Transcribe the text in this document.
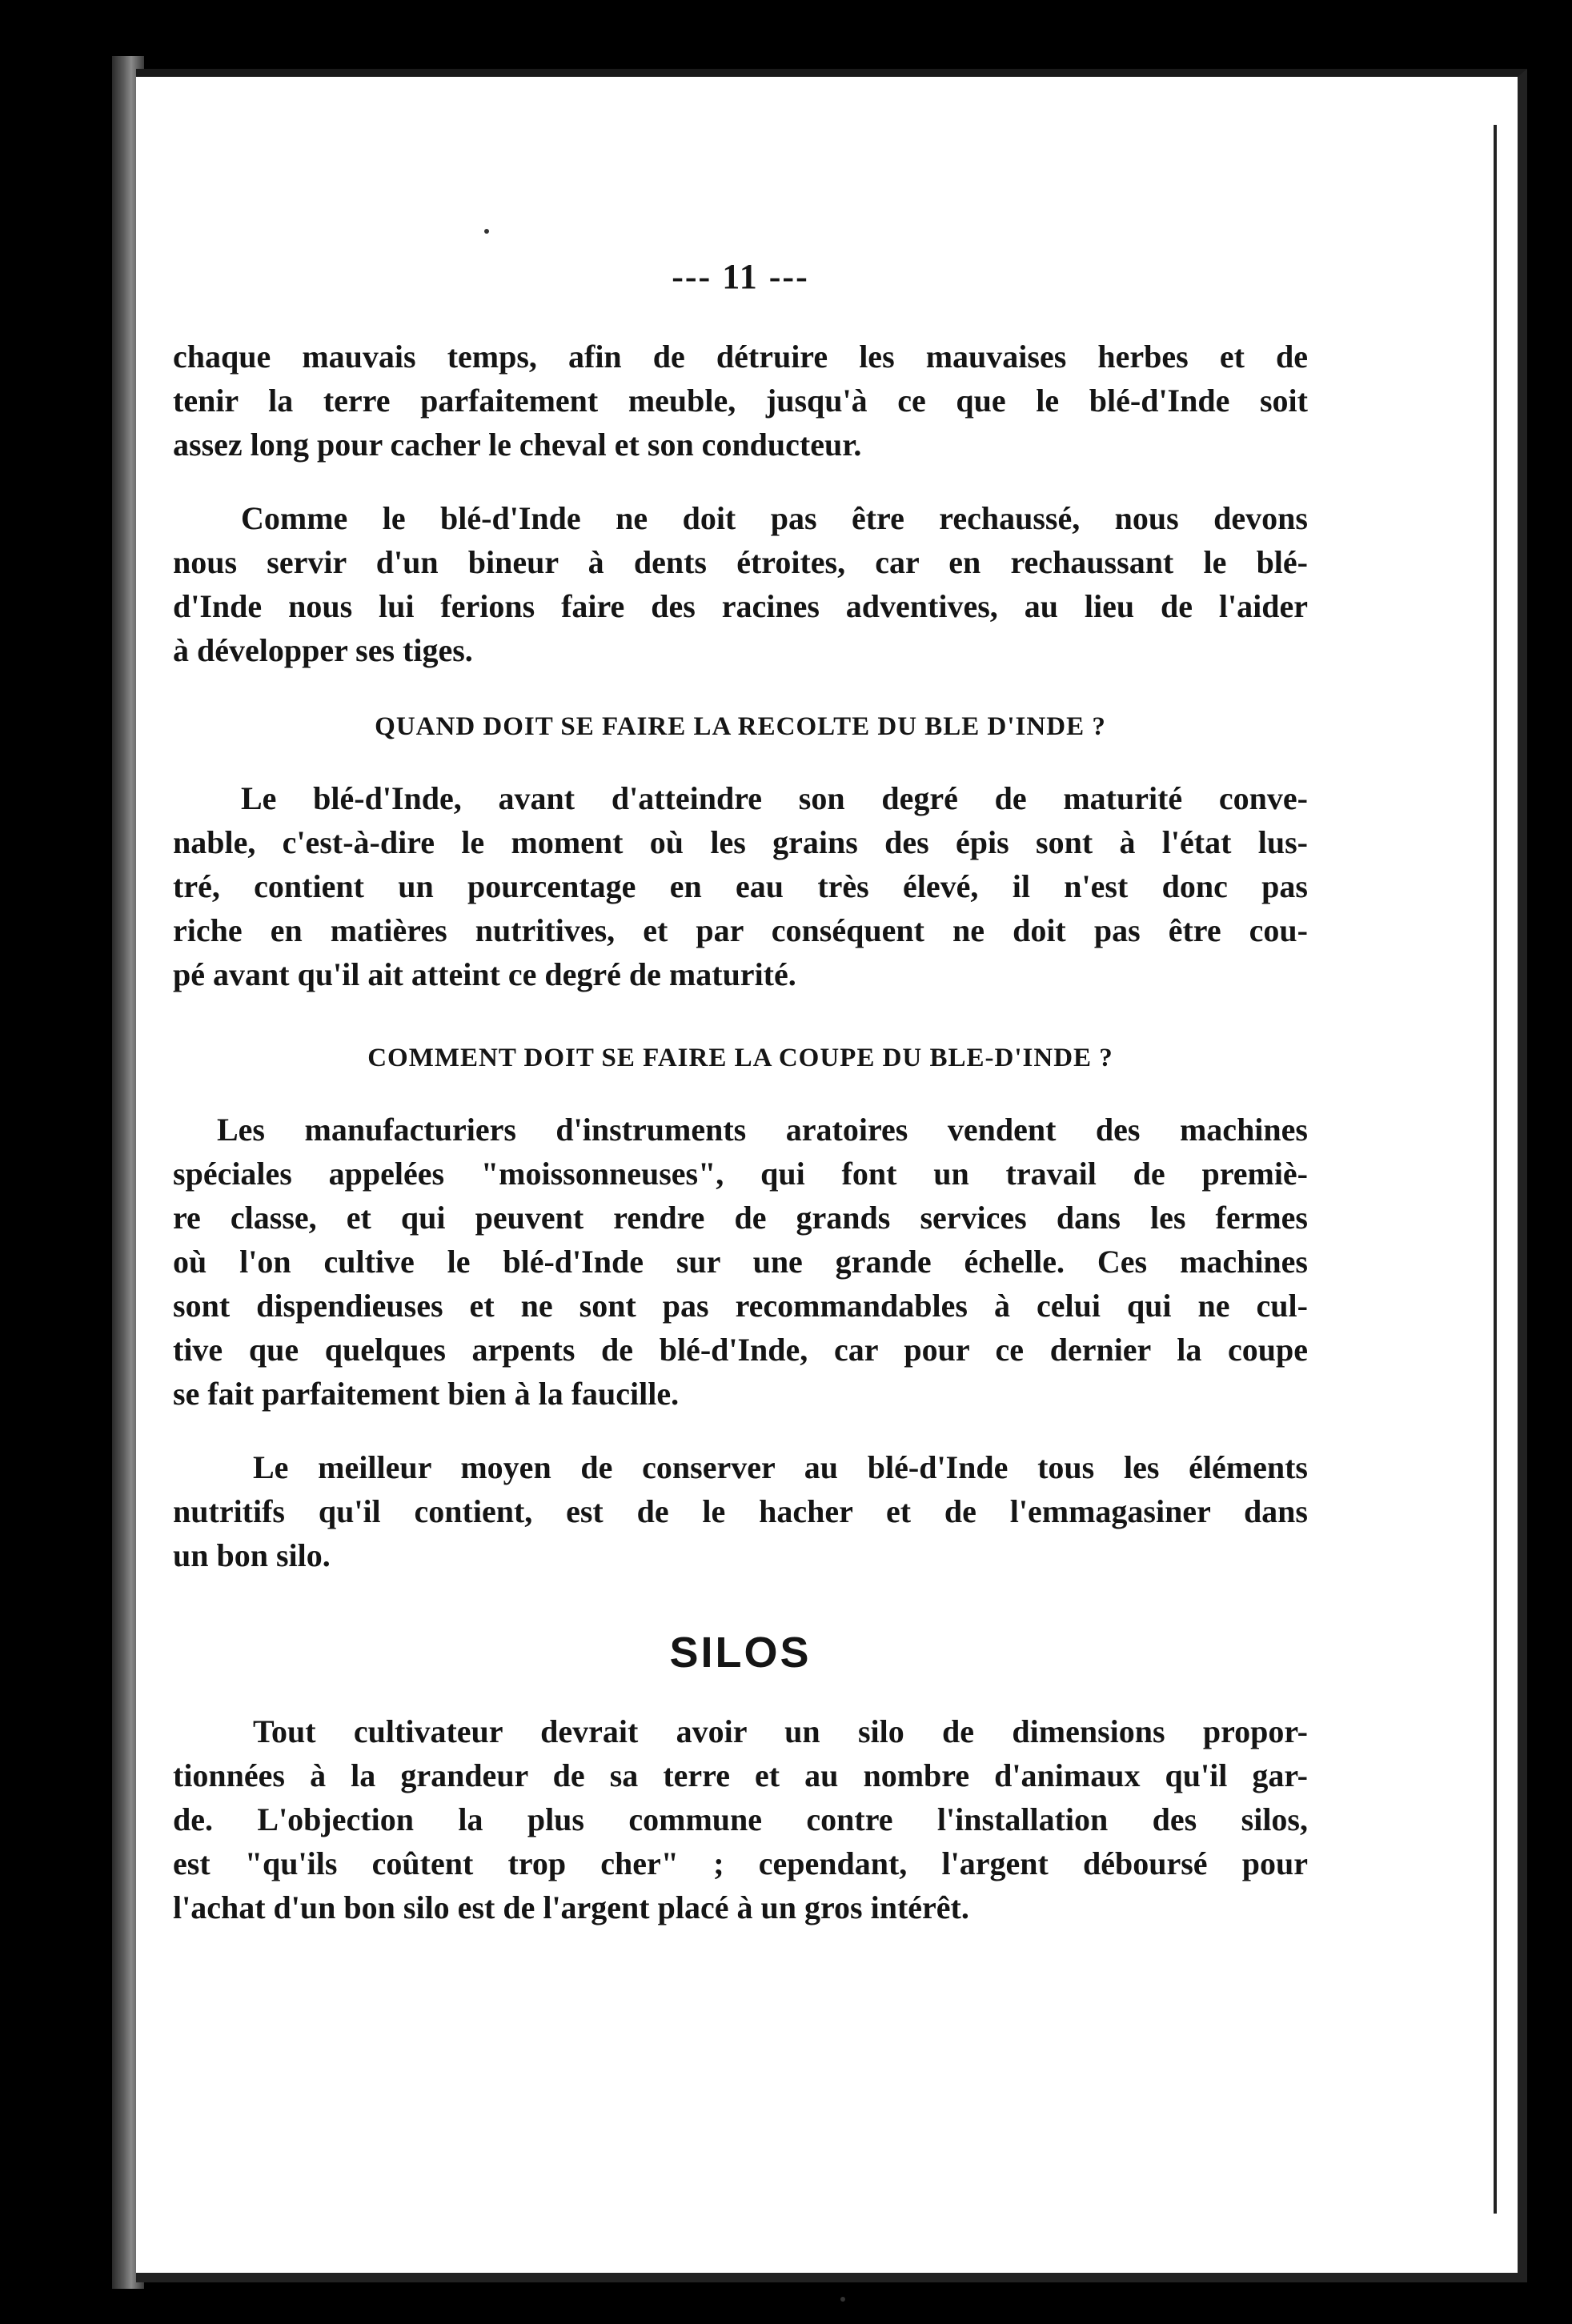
--- 11 ---

chaque mauvais temps, afin de détruire les mauvaises herbes et de
tenir la terre parfaitement meuble, jusqu'à ce que le blé-d'Inde soit
assez long pour cacher le cheval et son conducteur.

Comme le blé-d'Inde ne doit pas être rechaussé, nous devons
nous servir d'un bineur à dents étroites, car en rechaussant le blé-
d'Inde nous lui ferions faire des racines adventives, au lieu de l'aider
à développer ses tiges.

QUAND DOIT SE FAIRE LA RECOLTE DU BLE D'INDE ?

Le blé-d'Inde, avant d'atteindre son degré de maturité conve-
nable, c'est-à-dire le moment où les grains des épis sont à l'état lus-
tré, contient un pourcentage en eau très élevé, il n'est donc pas
riche en matières nutritives, et par conséquent ne doit pas être cou-
pé avant qu'il ait atteint ce degré de maturité.

COMMENT DOIT SE FAIRE LA COUPE DU BLE-D'INDE ?

Les manufacturiers d'instruments aratoires vendent des machines
spéciales appelées "moissonneuses", qui font un travail de premiè-
re classe, et qui peuvent rendre de grands services dans les fermes
où l'on cultive le blé-d'Inde sur une grande échelle. Ces machines
sont dispendieuses et ne sont pas recommandables à celui qui ne cul-
tive que quelques arpents de blé-d'Inde, car pour ce dernier la coupe
se fait parfaitement bien à la faucille.

Le meilleur moyen de conserver au blé-d'Inde tous les éléments
nutritifs qu'il contient, est de le hacher et de l'emmagasiner dans
un bon silo.

SILOS

Tout cultivateur devrait avoir un silo de dimensions propor-
tionnées à la grandeur de sa terre et au nombre d'animaux qu'il gar-
de. L'objection la plus commune contre l'installation des silos,
est "qu'ils coûtent trop cher" ; cependant, l'argent déboursé pour
l'achat d'un bon silo est de l'argent placé à un gros intérêt.
